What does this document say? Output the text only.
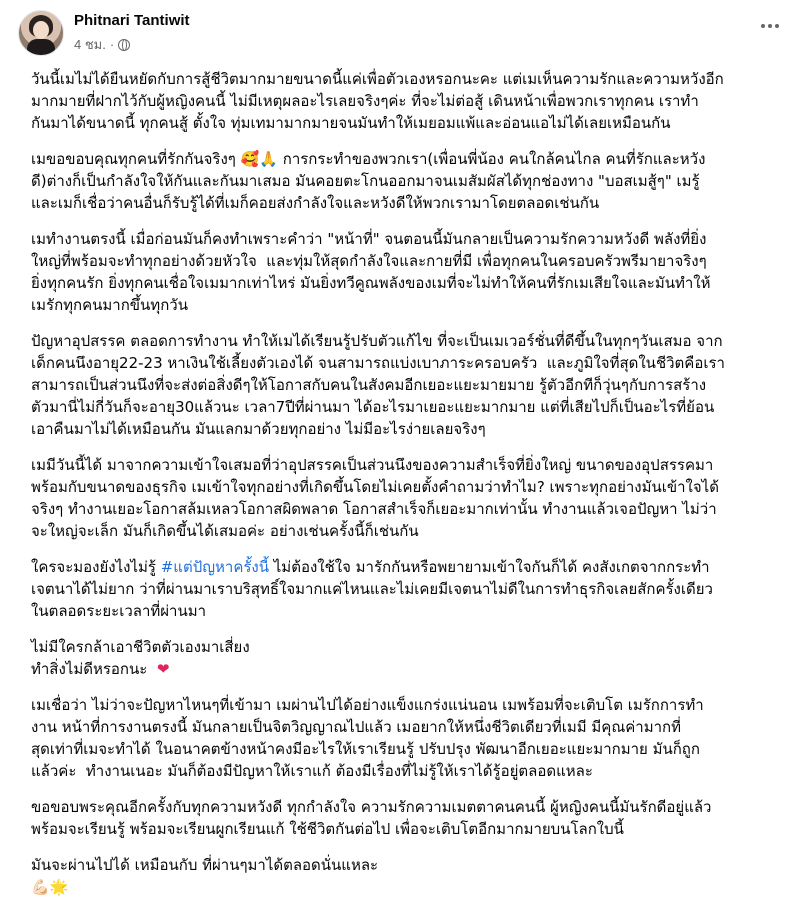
Phitnari Tantiwit
4 ชม. ·
วันนี้เมไม่ได้ยืนหยัดกับการสู้ชีวิตมากมายขนาดนี้แค่เพื่อตัวเองหรอกนะคะ แต่เมเห็นความรักและความหวังอีก
มากมายที่ฝากไว้กับผู้หญิงคนนี้ ไม่มีเหตุผลอะไรเลยจริงๆค่ะ ที่จะไม่ต่อสู้ เดินหน้าเพื่อพวกเราทุกคน เราทำ
กันมาได้ขนาดนี้ ทุกคนสู้ ตั้งใจ ทุ่มเทมามากมายจนมันทำให้เมยอมแพ้และอ่อนแอไม่ได้เลยเหมือนกัน
เมขอขอบคุณทุกคนที่รักกันจริงๆ 🥰🙏 การกระทำของพวกเรา(เพื่อนพี่น้อง คนใกล้คนไกล คนที่รักและหวัง
ดี)ต่างก็เป็นกำลังใจให้กันและกันมาเสมอ มันคอยตะโกนออกมาจนเมสัมผัสได้ทุกช่องทาง "บอสเมสู้ๆ" เมรู้
และเมก็เชื่อว่าคนอื่นก็รับรู้ได้ที่เมก็คอยส่งกำลังใจและหวังดีให้พวกเรามาโดยตลอดเช่นกัน
เมทำงานตรงนี้ เมื่อก่อนมันก็คงทำเพราะคำว่า "หน้าที่" จนตอนนี้มันกลายเป็นความรักความหวังดี พลังที่ยิ่ง
ใหญ่ที่พร้อมจะทำทุกอย่างด้วยหัวใจ  และทุ่มให้สุดกำลังใจและกายที่มี เพื่อทุกคนในครอบครัวพรีมายาจริงๆ
ยิ่งทุกคนรัก ยิ่งทุกคนเชื่อใจเมมากเท่าไหร่ มันยิ่งทวีคูณพลังของเมที่จะไม่ทำให้คนที่รักเมเสียใจและมันทำให้
เมรักทุกคนมากขึ้นทุกวัน
ปัญหาอุปสรรค ตลอดการทำงาน ทำให้เมได้เรียนรู้ปรับตัวแก้ไข ที่จะเป็นเมเวอร์ชั่นที่ดีขึ้นในทุกๆวันเสมอ จาก
เด็กคนนึงอายุ22-23 หาเงินใช้เลี้ยงตัวเองได้ จนสามารถแบ่งเบาภาระครอบครัว  และภูมิใจที่สุดในชีวิตคือเรา
สามารถเป็นส่วนนึงที่จะส่งต่อสิ่งดีๆให้โอกาสกับคนในสังคมอีกเยอะแยะมายมาย รู้ตัวอีกทีก็วุ่นๆกับการสร้าง
ตัวมานี่ไม่กี่วันก็จะอายุ30แล้วนะ เวลา7ปีที่ผ่านมา ได้อะไรมาเยอะแยะมากมาย แต่ที่เสียไปก็เป็นอะไรที่ย้อน
เอาคืนมาไม่ได้เหมือนกัน มันแลกมาด้วยทุกอย่าง ไม่มีอะไรง่ายเลยจริงๆ
เมมีวันนี้ได้ มาจากความเข้าใจเสมอที่ว่าอุปสรรคเป็นส่วนนึงของความสำเร็จที่ยิ่งใหญ่ ขนาดของอุปสรรคมา
พร้อมกับขนาดของธุรกิจ เมเข้าใจทุกอย่างที่เกิดขึ้นโดยไม่เคยตั้งคำถามว่าทำไม? เพราะทุกอย่างมันเข้าใจได้
จริงๆ ทำงานเยอะโอกาสล้มเหลวโอกาสผิดพลาด โอกาสสำเร็จก็เยอะมากเท่านั้น ทำงานแล้วเจอปัญหา ไม่ว่า
จะใหญ่จะเล็ก มันก็เกิดขึ้นได้เสมอค่ะ อย่างเช่นครั้งนี้ก็เช่นกัน
ใครจะมองยังไงไม่รู้ #แต่ปัญหาครั้งนี้ ไม่ต้องใช้ใจ มารักกันหรือพยายามเข้าใจกันก็ได้ คงสังเกตจากกระทำ
เจตนาได้ไม่ยาก ว่าที่ผ่านมาเราบริสุทธิ์ใจมากแค่ไหนและไม่เคยมีเจตนาไม่ดีในการทำธุรกิจเลยสักครั้งเดียว
ในตลอดระยะเวลาที่ผ่านมา
ไม่มีใครกล้าเอาชีวิตตัวเองมาเสี่ยง
ทำสิ่งไม่ดีหรอกนะ  ❤
เมเชื่อว่า ไม่ว่าจะปัญหาไหนๆที่เข้ามา เมผ่านไปได้อย่างแข็งแกร่งแน่นอน เมพร้อมที่จะเติบโต เมรักการทำ
งาน หน้าที่การงานตรงนี้ มันกลายเป็นจิตวิญญาณไปแล้ว เมอยากให้หนึ่งชีวิตเดียวที่เมมี มีคุณค่ามากที่
สุดเท่าที่เมจะทำได้ ในอนาคตข้างหน้าคงมีอะไรให้เราเรียนรู้ ปรับปรุง พัฒนาอีกเยอะแยะมากมาย มันก็ถูก
แล้วค่ะ  ทำงานเนอะ มันก็ต้องมีปัญหาให้เราแก้ ต้องมีเรื่องที่ไม่รู้ให้เราได้รู้อยู่ตลอดแหละ
ขอขอบพระคุณอีกครั้งกับทุกความหวังดี ทุกกำลังใจ ความรักความเมตตาคนคนนี้ ผู้หญิงคนนี้มันรักดีอยู่แล้ว
พร้อมจะเรียนรู้ พร้อมจะเรียนผูกเรียนแก้ ใช้ชีวิตกันต่อไป เพื่อจะเติบโตอีกมากมายบนโลกใบนี้
มันจะผ่านไปได้ เหมือนกับ ที่ผ่านๆมาได้ตลอดนั่นแหละ
💪🏻🌟
